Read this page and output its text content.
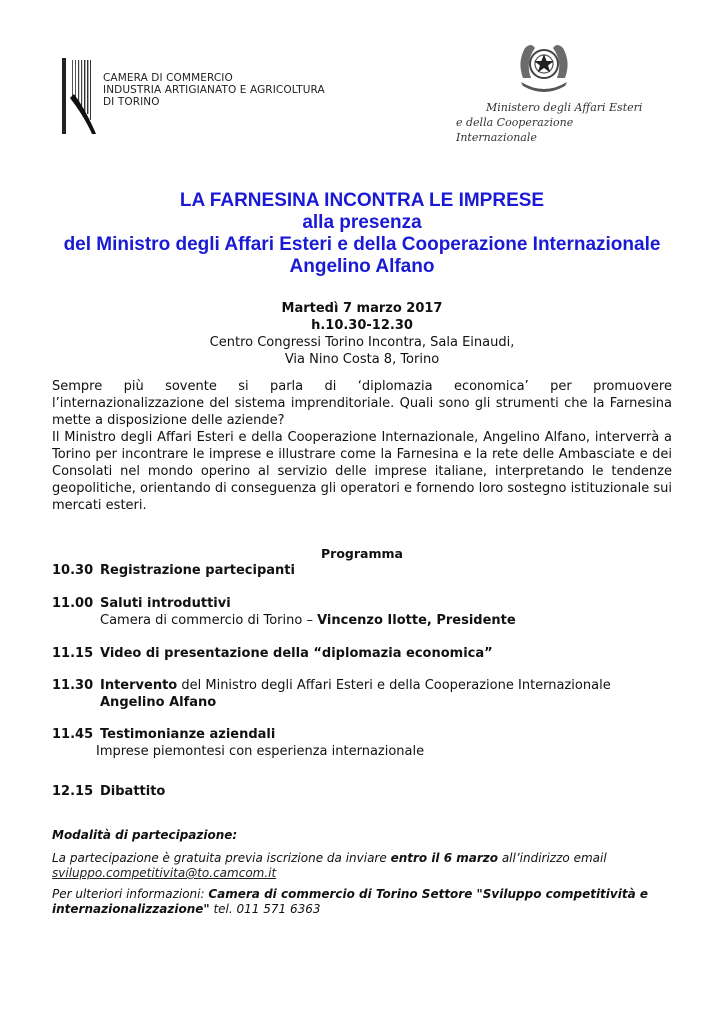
CAMERA DI COMMERCIO
INDUSTRIA ARTIGIANATO E AGRICOLTURA
DI TORINO	Ministero degli Affari Esteri
e della Cooperazione Internazionale
LA FARNESINA INCONTRA LE IMPRESE
alla presenza
del Ministro degli Affari Esteri e della Cooperazione Internazionale
Angelino Alfano
Martedì 7 marzo 2017
h.10.30-12.30
Centro Congressi Torino Incontra, Sala Einaudi,
Via Nino Costa 8, Torino

Sempre più sovente si parla di ‘diplomazia economica’ per promuovere l’internazionalizzazione del sistema imprenditoriale. Quali sono gli strumenti che la Farnesina mette a disposizione delle aziende?

Il Ministro degli Affari Esteri e della Cooperazione Internazionale, Angelino Alfano, interverrà a Torino per incontrare le imprese e illustrare come la Farnesina e la rete delle Ambasciate e dei Consolati nel mondo operino al servizio delle imprese italiane, interpretando le tendenze geopolitiche, orientando di conseguenza gli operatori e fornendo loro sostegno istituzionale sui mercati esteri.

Programma
10.30 Registrazione partecipanti
11.00 Saluti introduttivi
Camera di commercio di Torino – Vincenzo Ilotte, Presidente
11.15 Video di presentazione della “diplomazia economica”
11.30 Intervento del Ministro degli Affari Esteri e della Cooperazione Internazionale
Angelino Alfano
11.45 Testimonianze aziendali
Imprese piemontesi con esperienza internazionale
12.15 Dibattito
Modalità di partecipazione:
La partecipazione è gratuita previa iscrizione da inviare entro il 6 marzo all’indirizzo email
sviluppo.competitivita@to.camcom.it
Per ulteriori informazioni: Camera di commercio di Torino Settore "Sviluppo competitività e internazionalizzazione" tel. 011 571 6363
